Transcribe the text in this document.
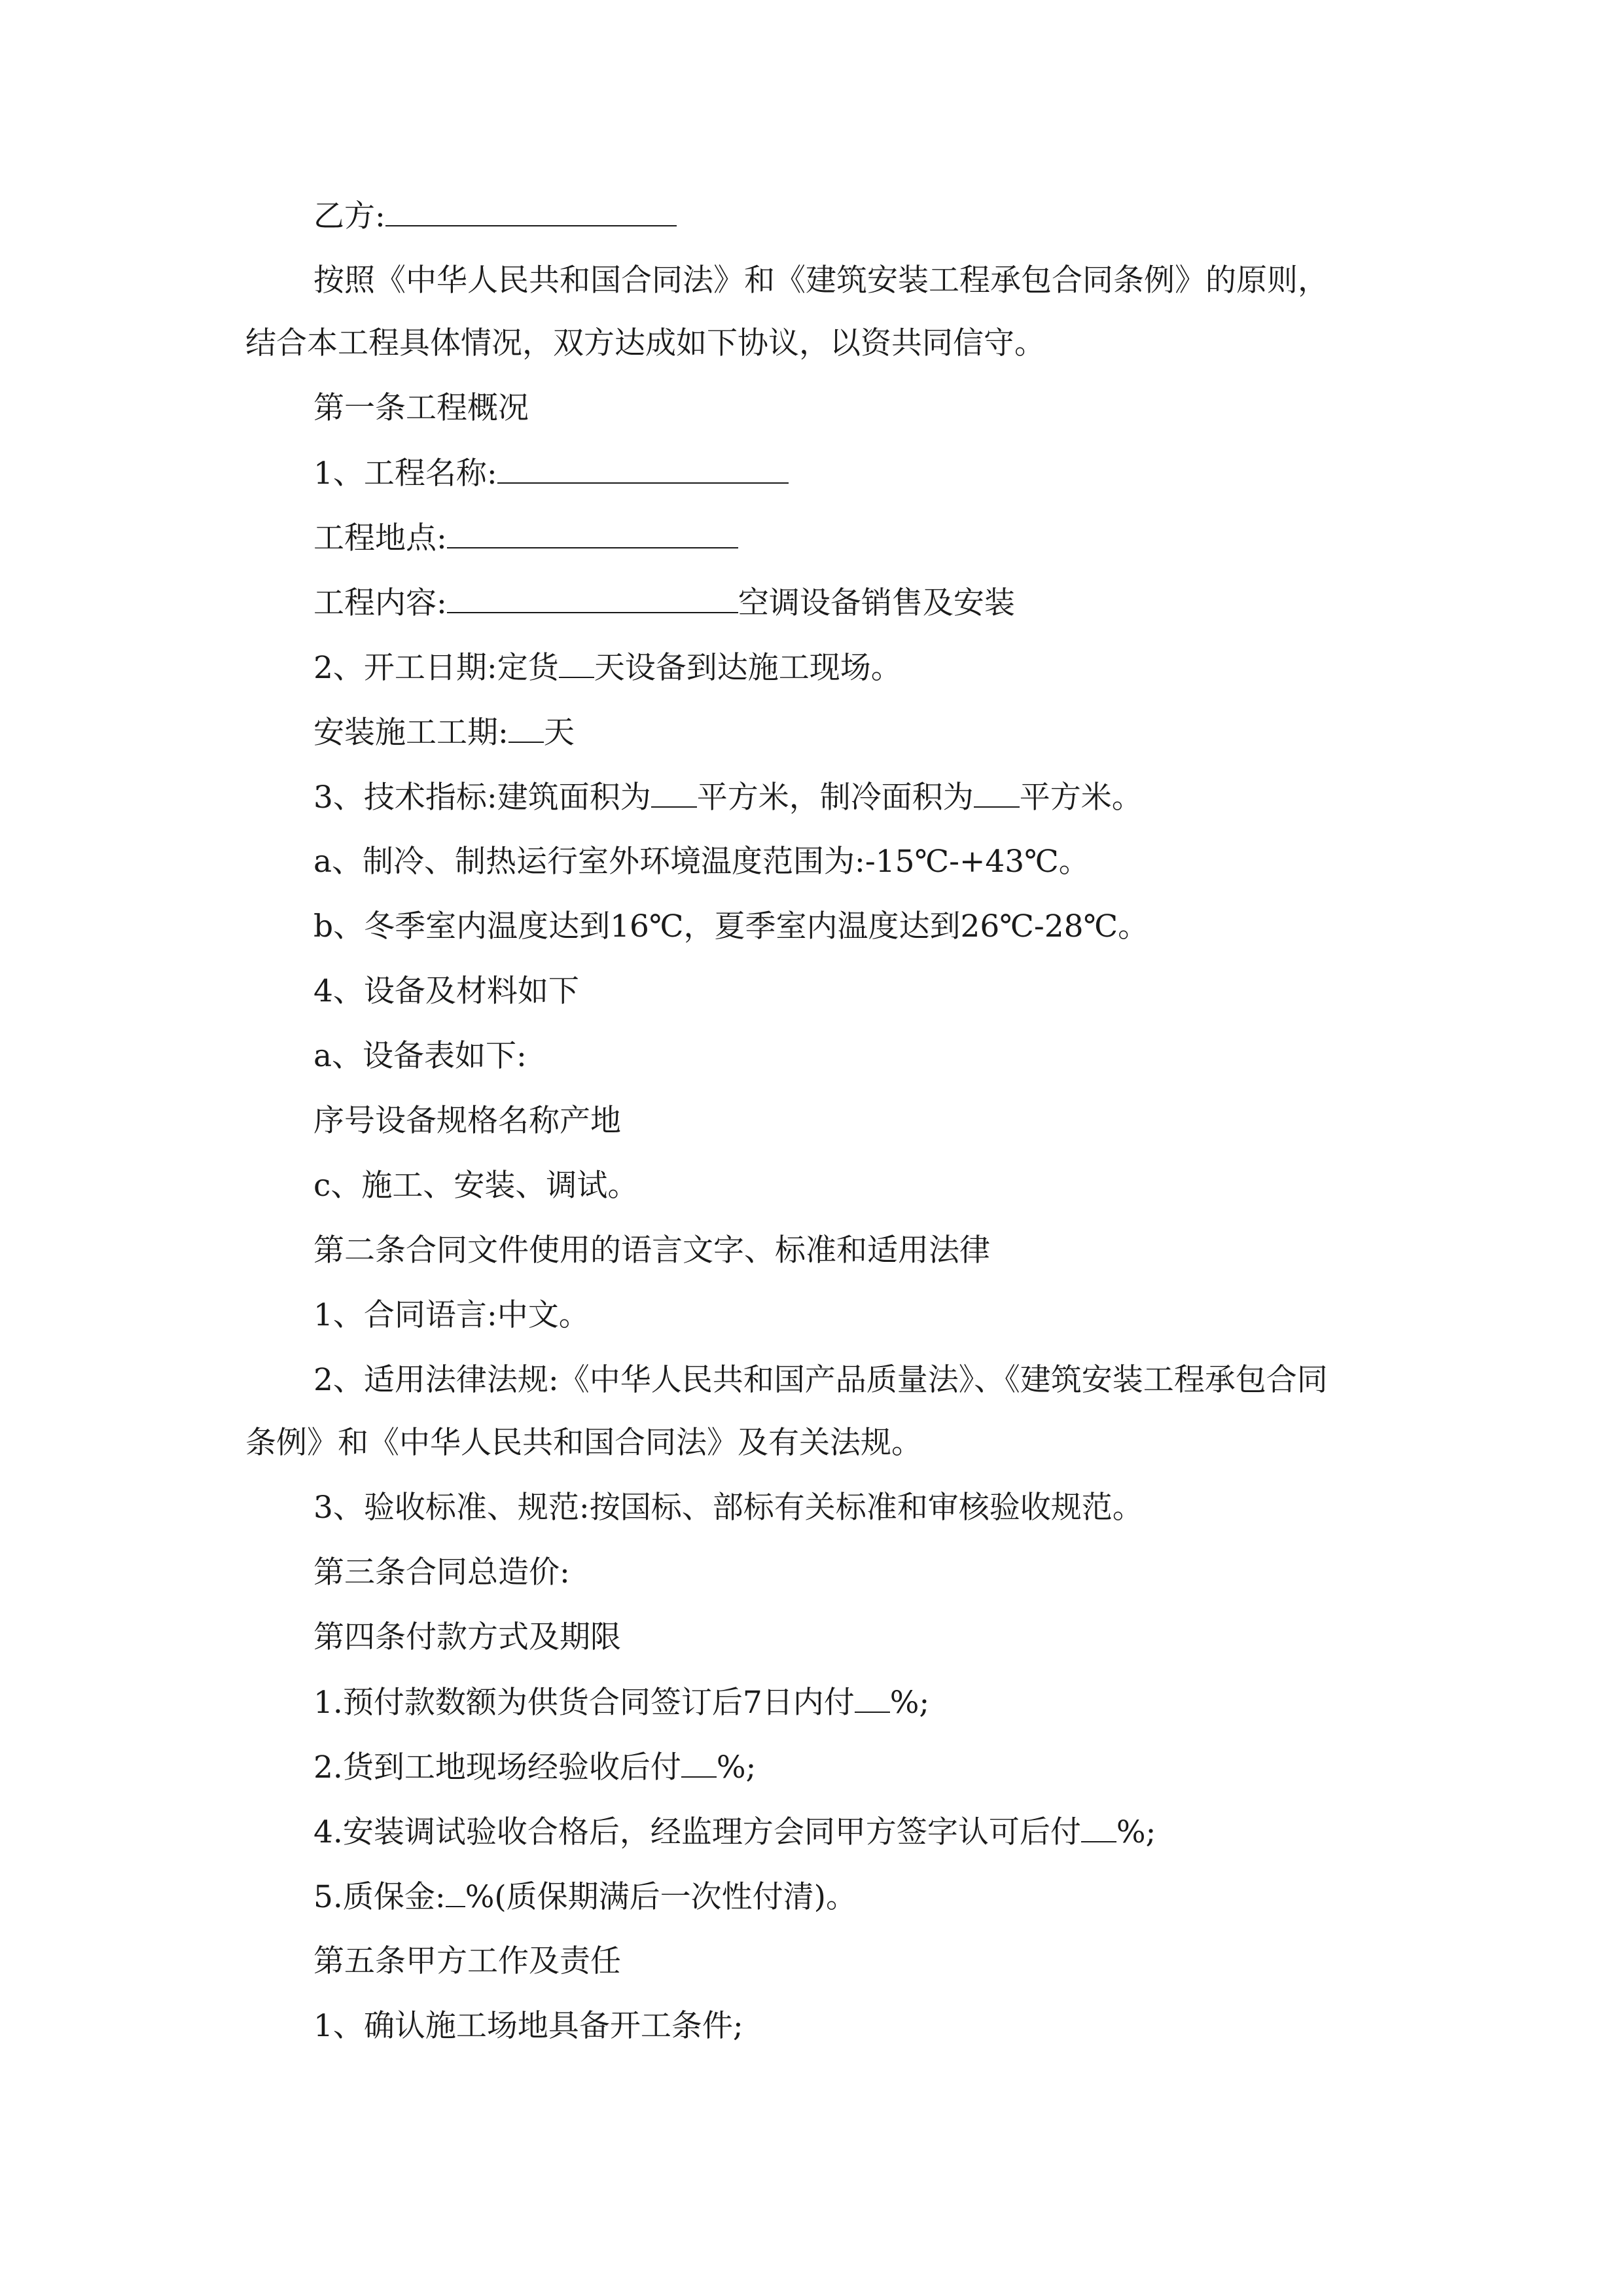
乙方:
按照《中华人民共和国合同法》和《建筑安装工程承包合同条例》的原则，
结合本工程具体情况，双方达成如下协议，以资共同信守。
第一条工程概况
1、工程名称:
工程地点:
工程内容:	空调设备销售及安装
2、开工日期:定货 天设备到达施工现场。
安装施工工期: 天
3、技术指标:建筑面积为 平方米，制冷面积为 平方米。
a、制冷、制热运行室外环境温度范围为:-15℃-+43℃。
b、冬季室内温度达到16℃，夏季室内温度达到26℃-28℃。
4、设备及材料如下
a、设备表如下:
序号设备规格名称产地
c、施工、安装、调试。
第二条合同文件使用的语言文字、标准和适用法律
1、合同语言:中文。
2、适用法律法规:《中华人民共和国产品质量法》、《建筑安装工程承包合同
条例》和《中华人民共和国合同法》及有关法规。
3、验收标准、规范:按国标、部标有关标准和审核验收规范。
第三条合同总造价:
第四条付款方式及期限
1.预付款数额为供货合同签订后7日内付 %;
2.货到工地现场经验收后付 %;
4.安装调试验收合格后，经监理方会同甲方签字认可后付 %;
5.质保金: %(质保期满后一次性付清)。
第五条甲方工作及责任
1、确认施工场地具备开工条件;
